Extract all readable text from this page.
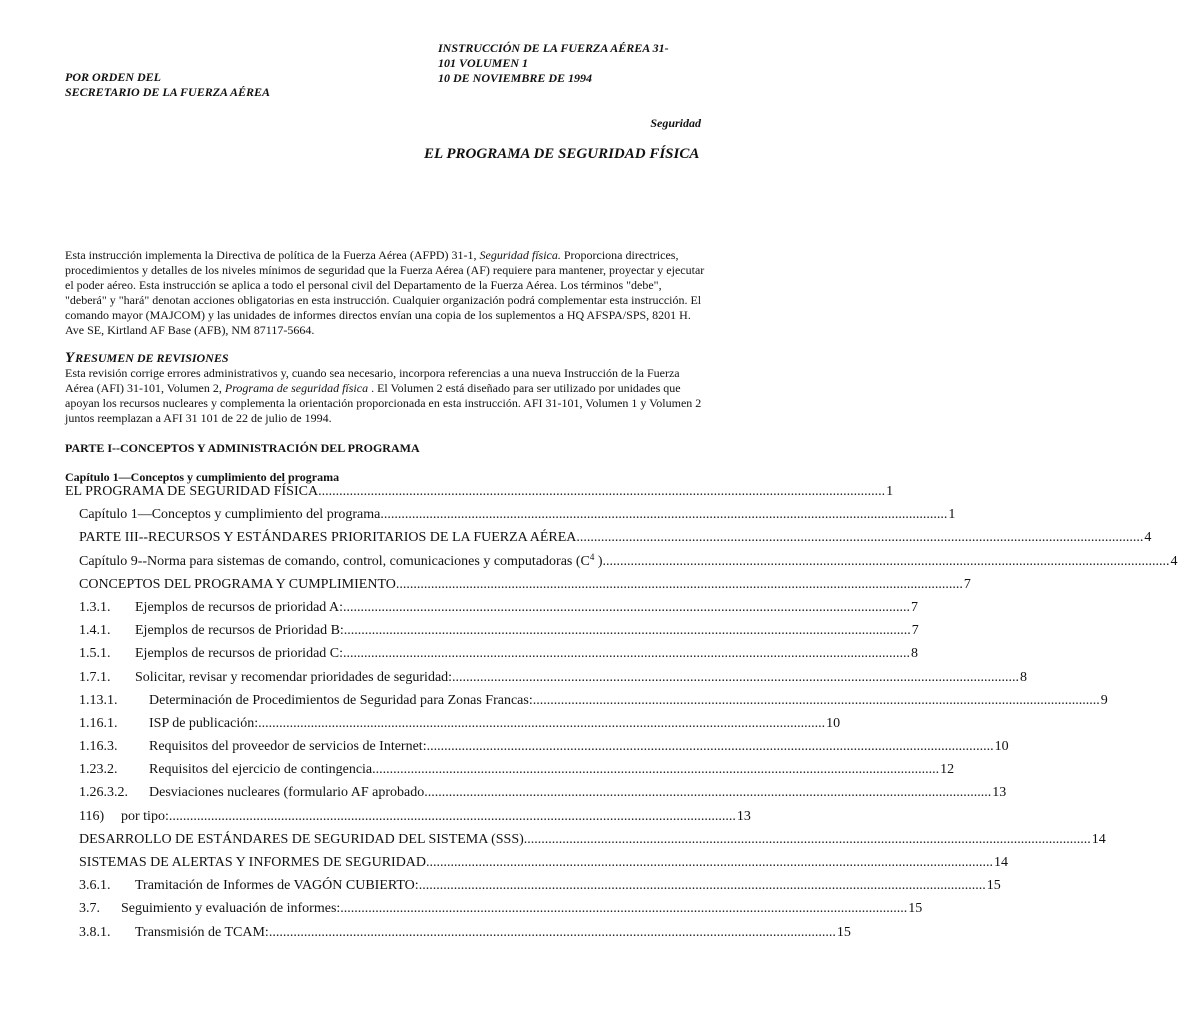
POR ORDEN DEL
SECRETARIO DE LA FUERZA AÉREA
INSTRUCCIÓN DE LA FUERZA AÉREA 31-
101 VOLUMEN 1
10 DE NOVIEMBRE DE 1994
Seguridad
EL PROGRAMA DE SEGURIDAD FÍSICA
Esta instrucción implementa la Directiva de política de la Fuerza Aérea (AFPD) 31-1, Seguridad física. Proporciona directrices, procedimientos y detalles de los niveles mínimos de seguridad que la Fuerza Aérea (AF) requiere para mantener, proyectar y ejecutar el poder aéreo. Esta instrucción se aplica a todo el personal civil del Departamento de la Fuerza Aérea. Los términos "debe", "deberá" y "hará" denotan acciones obligatorias en esta instrucción. Cualquier organización podrá complementar esta instrucción. El comando mayor (MAJCOM) y las unidades de informes directos envían una copia de los suplementos a HQ AFSPA/SPS, 8201 H. Ave SE, Kirtland AF Base (AFB), NM 87117-5664.
ΥRESUMEN DE REVISIONES
Esta revisión corrige errores administrativos y, cuando sea necesario, incorpora referencias a una nueva Instrucción de la Fuerza Aérea (AFI) 31-101, Volumen 2, Programa de seguridad física . El Volumen 2 está diseñado para ser utilizado por unidades que apoyan los recursos nucleares y complementa la orientación proporcionada en esta instrucción. AFI 31-101, Volumen 1 y Volumen 2 juntos reemplazan a AFI 31 101 de 22 de julio de 1994.
PARTE I--CONCEPTOS Y ADMINISTRACIÓN DEL PROGRAMA
Capítulo 1—Conceptos y cumplimiento del programa
EL PROGRAMA DE SEGURIDAD FÍSICA.................................................................................................................................................................. 1
Capítulo 1—Conceptos y cumplimiento del programa.................................................................................................................................................................. 1
PARTE III--RECURSOS Y ESTÁNDARES PRIORITARIOS DE LA FUERZA AÉREA.................................................................................................................................................................. 4
Capítulo 9--Norma para sistemas de comando, control, comunicaciones y computadoras ($C^4$ ).................................................................................................................................................................. 4
CONCEPTOS DEL PROGRAMA Y CUMPLIMIENTO.................................................................................................................................................................. 7
1.3.1. Ejemplos de recursos de prioridad A:.................................................................................................................................................................. 7
1.4.1. Ejemplos de recursos de Prioridad B:.................................................................................................................................................................. 7
1.5.1. Ejemplos de recursos de prioridad C:.................................................................................................................................................................. 8
1.7.1. Solicitar, revisar y recomendar prioridades de seguridad:.................................................................................................................................................................. 8
1.13.1. Determinación de Procedimientos de Seguridad para Zonas Francas:.................................................................................................................................................................. 9
1.16.1. ISP de publicación:.................................................................................................................................................................. 10
1.16.3. Requisitos del proveedor de servicios de Internet:.................................................................................................................................................................. 10
1.23.2. Requisitos del ejercicio de contingencia.................................................................................................................................................................. 12
1.26.3.2. Desviaciones nucleares (formulario AF aprobado.................................................................................................................................................................. 13
116) por tipo:.................................................................................................................................................................. 13
DESARROLLO DE ESTÁNDARES DE SEGURIDAD DEL SISTEMA (SSS).................................................................................................................................................................. 14
SISTEMAS DE ALERTAS Y INFORMES DE SEGURIDAD.................................................................................................................................................................. 14
3.6.1. Tramitación de Informes de VAGÓN CUBIERTO:.................................................................................................................................................................. 15
3.7. Seguimiento y evaluación de informes:.................................................................................................................................................................. 15
3.8.1. Transmisión de TCAM:.................................................................................................................................................................. 15
